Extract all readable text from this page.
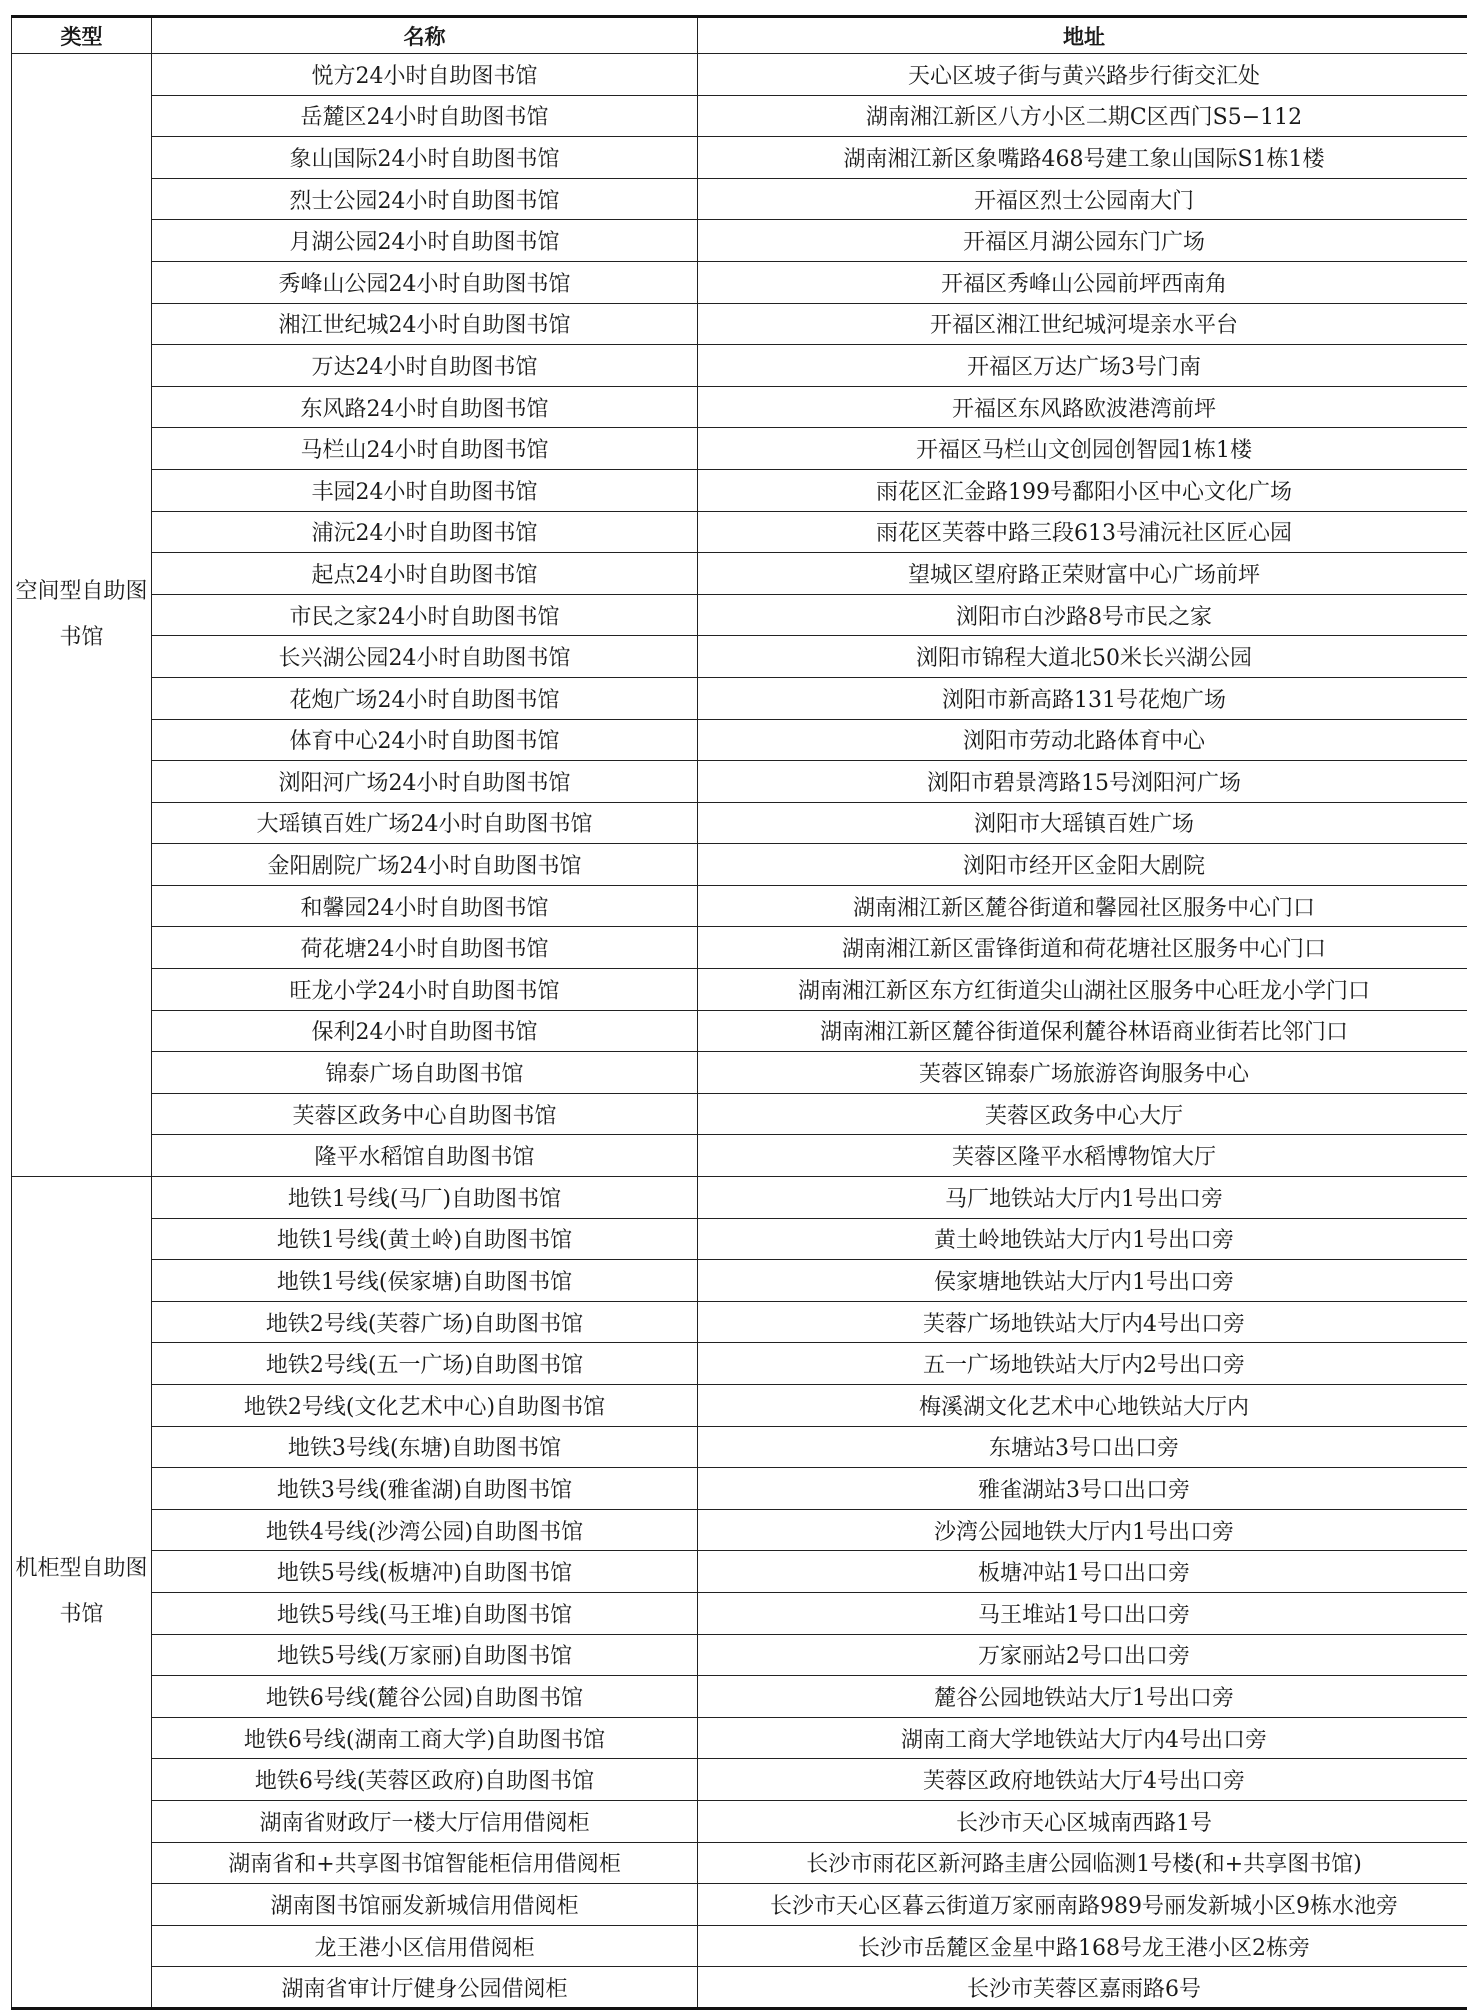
类型	名称	地址
空间型自助图书馆	悦方24小时自助图书馆	天心区坡子街与黄兴路步行街交汇处
	岳麓区24小时自助图书馆	湖南湘江新区八方小区二期C区西门S5−112
	象山国际24小时自助图书馆	湖南湘江新区象嘴路468号建工象山国际S1栋1楼
	烈士公园24小时自助图书馆	开福区烈士公园南大门
	月湖公园24小时自助图书馆	开福区月湖公园东门广场
	秀峰山公园24小时自助图书馆	开福区秀峰山公园前坪西南角
	湘江世纪城24小时自助图书馆	开福区湘江世纪城河堤亲水平台
	万达24小时自助图书馆	开福区万达广场3号门南
	东风路24小时自助图书馆	开福区东风路欧波港湾前坪
	马栏山24小时自助图书馆	开福区马栏山文创园创智园1栋1楼
	丰园24小时自助图书馆	雨花区汇金路199号鄱阳小区中心文化广场
	浦沅24小时自助图书馆	雨花区芙蓉中路三段613号浦沅社区匠心园
	起点24小时自助图书馆	望城区望府路正荣财富中心广场前坪
	市民之家24小时自助图书馆	浏阳市白沙路8号市民之家
	长兴湖公园24小时自助图书馆	浏阳市锦程大道北50米长兴湖公园
	花炮广场24小时自助图书馆	浏阳市新高路131号花炮广场
	体育中心24小时自助图书馆	浏阳市劳动北路体育中心
	浏阳河广场24小时自助图书馆	浏阳市碧景湾路15号浏阳河广场
	大瑶镇百姓广场24小时自助图书馆	浏阳市大瑶镇百姓广场
	金阳剧院广场24小时自助图书馆	浏阳市经开区金阳大剧院
	和馨园24小时自助图书馆	湖南湘江新区麓谷街道和馨园社区服务中心门口
	荷花塘24小时自助图书馆	湖南湘江新区雷锋街道和荷花塘社区服务中心门口
	旺龙小学24小时自助图书馆	湖南湘江新区东方红街道尖山湖社区服务中心旺龙小学门口
	保利24小时自助图书馆	湖南湘江新区麓谷街道保利麓谷林语商业街若比邻门口
	锦泰广场自助图书馆	芙蓉区锦泰广场旅游咨询服务中心
	芙蓉区政务中心自助图书馆	芙蓉区政务中心大厅
	隆平水稻馆自助图书馆	芙蓉区隆平水稻博物馆大厅
机柜型自助图书馆	地铁1号线(马厂)自助图书馆	马厂地铁站大厅内1号出口旁
	地铁1号线(黄土岭)自助图书馆	黄土岭地铁站大厅内1号出口旁
	地铁1号线(侯家塘)自助图书馆	侯家塘地铁站大厅内1号出口旁
	地铁2号线(芙蓉广场)自助图书馆	芙蓉广场地铁站大厅内4号出口旁
	地铁2号线(五一广场)自助图书馆	五一广场地铁站大厅内2号出口旁
	地铁2号线(文化艺术中心)自助图书馆	梅溪湖文化艺术中心地铁站大厅内
	地铁3号线(东塘)自助图书馆	东塘站3号口出口旁
	地铁3号线(雅雀湖)自助图书馆	雅雀湖站3号口出口旁
	地铁4号线(沙湾公园)自助图书馆	沙湾公园地铁大厅内1号出口旁
	地铁5号线(板塘冲)自助图书馆	板塘冲站1号口出口旁
	地铁5号线(马王堆)自助图书馆	马王堆站1号口出口旁
	地铁5号线(万家丽)自助图书馆	万家丽站2号口出口旁
	地铁6号线(麓谷公园)自助图书馆	麓谷公园地铁站大厅1号出口旁
	地铁6号线(湖南工商大学)自助图书馆	湖南工商大学地铁站大厅内4号出口旁
	地铁6号线(芙蓉区政府)自助图书馆	芙蓉区政府地铁站大厅4号出口旁
	湖南省财政厅一楼大厅信用借阅柜	长沙市天心区城南西路1号
	湖南省和+共享图书馆智能柜信用借阅柜	长沙市雨花区新河路圭唐公园临测1号楼(和+共享图书馆)
	湖南图书馆丽发新城信用借阅柜	长沙市天心区暮云街道万家丽南路989号丽发新城小区9栋水池旁
	龙王港小区信用借阅柜	长沙市岳麓区金星中路168号龙王港小区2栋旁
	湖南省审计厅健身公园借阅柜	长沙市芙蓉区嘉雨路6号
